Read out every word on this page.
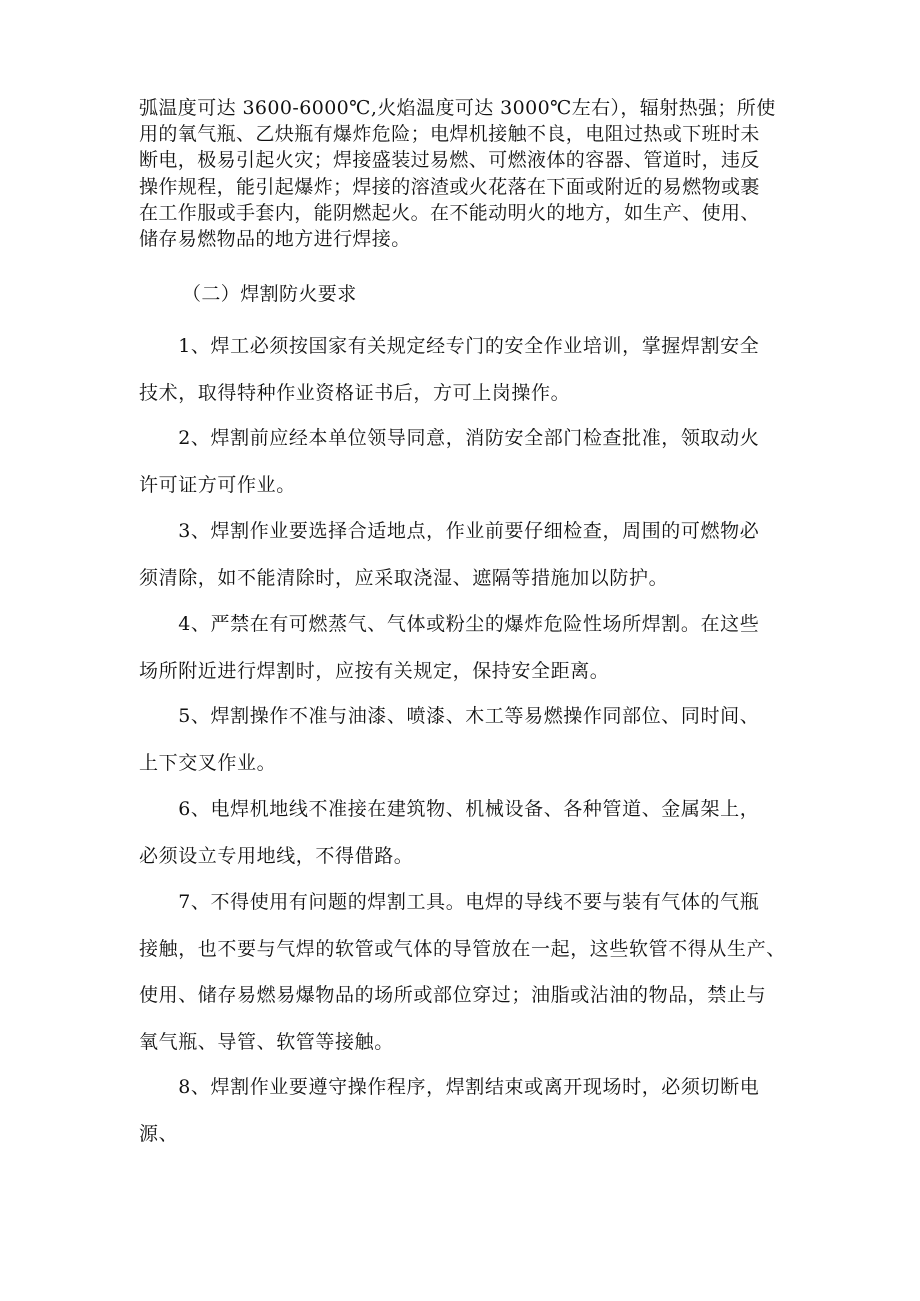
弧温度可达 3600-6000℃,火焰温度可达 3000℃左右），辐射热强；所使
用的氧气瓶、乙炔瓶有爆炸危险；电焊机接触不良，电阻过热或下班时未
断电，极易引起火灾；焊接盛装过易燃、可燃液体的容器、管道时，违反
操作规程，能引起爆炸；焊接的溶渣或火花落在下面或附近的易燃物或裹
在工作服或手套内，能阴燃起火。在不能动明火的地方，如生产、使用、
储存易燃物品的地方进行焊接。

（二）焊割防火要求

　　1、焊工必须按国家有关规定经专门的安全作业培训，掌握焊割安全
技术，取得特种作业资格证书后，方可上岗操作。

　　2、焊割前应经本单位领导同意，消防安全部门检查批准，领取动火
许可证方可作业。

　　3、焊割作业要选择合适地点，作业前要仔细检查，周围的可燃物必
须清除，如不能清除时，应采取浇湿、遮隔等措施加以防护。

　　4、严禁在有可燃蒸气、气体或粉尘的爆炸危险性场所焊割。在这些
场所附近进行焊割时，应按有关规定，保持安全距离。

　　5、焊割操作不准与油漆、喷漆、木工等易燃操作同部位、同时间、
上下交叉作业。

　　6、电焊机地线不准接在建筑物、机械设备、各种管道、金属架上，
必须设立专用地线，不得借路。

　　7、不得使用有问题的焊割工具。电焊的导线不要与装有气体的气瓶
接触，也不要与气焊的软管或气体的导管放在一起，这些软管不得从生产、
使用、储存易燃易爆物品的场所或部位穿过；油脂或沾油的物品，禁止与
氧气瓶、导管、软管等接触。

　　8、焊割作业要遵守操作程序，焊割结束或离开现场时，必须切断电源、
